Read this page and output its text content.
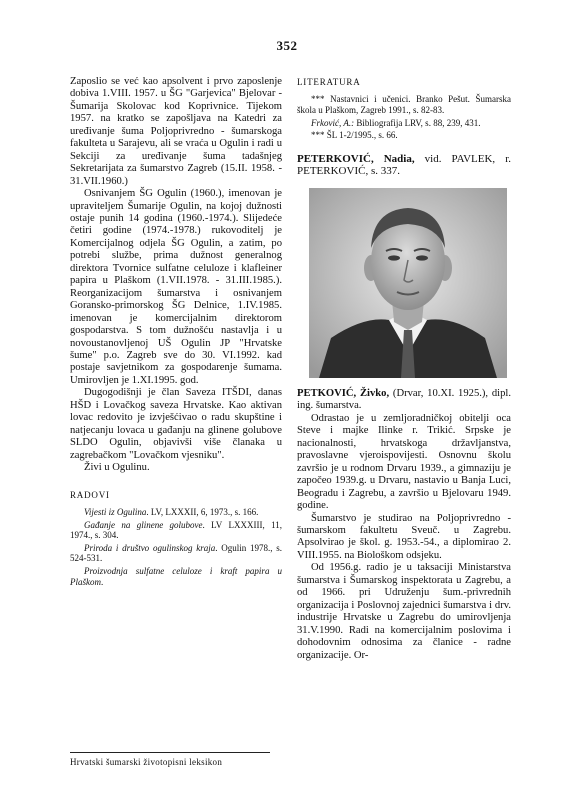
352

Zaposlio se već kao apsolvent i prvo zaposlenje dobiva 1.VIII. 1957. u ŠG "Garjevica" Bjelovar - Šumarija Skolovac kod Koprivnice. Tijekom 1957. na kratko se zapošljava na Katedri za uređivanje šuma Poljoprivredno - šumarskoga fakulteta u Sarajevu, ali se vraća u Ogulin i radi u Sekciji za uređivanje šuma tadašnjeg Sekretarijata za šumarstvo Zagreb (15.II. 1958. - 31.VII.1960.)

Osnivanjem ŠG Ogulin (1960.), imenovan je upraviteljem Šumarije Ogulin, na kojoj dužnosti ostaje punih 14 godina (1960.-1974.). Slijedeće četiri godine (1974.-1978.) rukovoditelj je Komercijalnog odjela ŠG Ogulin, a zatim, po potrebi službe, prima dužnost generalnog direktora Tvornice sulfatne celuloze i klafleiner papira u Plaškom (1.VII.1978. - 31.III.1985.). Reorganizacijom šumarstva i osnivanjem Goransko-primorskog ŠG Delnice, 1.IV.1985. imenovan je komercijalnim direktorom gospodarstva. S tom dužnošću nastavlja i u novoustanovljenoj UŠ Ogulin JP "Hrvatske šume" p.o. Zagreb sve do 30. VI.1992. kad postaje savjetnikom za gospodarenje šumama. Umirovljen je 1.XI.1995. god.

Dugogodišnji je član Saveza ITŠDI, danas HŠD i Lovačkog saveza Hrvatske. Kao aktivan lovac redovito je izvješćivao o radu skupštine i natjecanju lovaca u gađanju na glinene golubove SLDO Ogulin, objavivši više članaka u zagrebačkom "Lovačkom vjesniku".

Živi u Ogulinu.

RADOVI

Vijesti iz Ogulina. LV, LXXXII, 6, 1973., s. 166.

Gađanje na glinene golubove. LV LXXXIII, 11, 1974., s. 304.

Priroda i društvo ogulinskog kraja. Ogulin 1978., s. 524-531.

Proizvodnja sulfatne celuloze i kraft papira u Plaškom.

LITERATURA

*** Nastavnici i učenici. Branko Pešut. Šumarska škola u Plaškom, Zagreb 1991., s. 82-83.

Frković, A.: Bibliografija LRV, s. 88, 239, 431.

*** ŠL 1-2/1995., s. 66.

PETERKOVIĆ, Nadia, vid. PAVLEK, r. PETERKOVIĆ, s. 337.

PETKOVIĆ, Živko, (Drvar, 10.XI. 1925.), dipl. ing. šumarstva.

Odrastao je u zemljoradničkoj obitelji oca Steve i majke Ilinke r. Trikić. Srpske je nacionalnosti, hrvatskoga državljanstva, pravoslavne vjeroispovijesti. Osnovnu školu završio je u rodnom Drvaru 1939., a gimnaziju je započeo 1939.g. u Drvaru, nastavio u Banja Luci, Beogradu i Zagrebu, a završio u Bjelovaru 1949. godine.

Šumarstvo je studirao na Poljoprivredno - šumarskom fakultetu Sveuč. u Zagrebu. Apsolvirao je škol. g. 1953.-54., a diplomirao 2. VIII.1955. na Biološkom odsjeku.

Od 1956.g. radio je u taksaciji Ministarstva šumarstva i Šumarskog inspektorata u Zagrebu, a od 1966. pri Udruženju šum.-privrednih organizacija i Poslovnoj zajednici šumarstva i drv. industrije Hrvatske u Zagrebu do umirovljenja 31.V.1990. Radi na komercijalnim poslovima i dohodovnim odnosima za članice - radne organizacije. Or-

Hrvatski šumarski životopisni leksikon
